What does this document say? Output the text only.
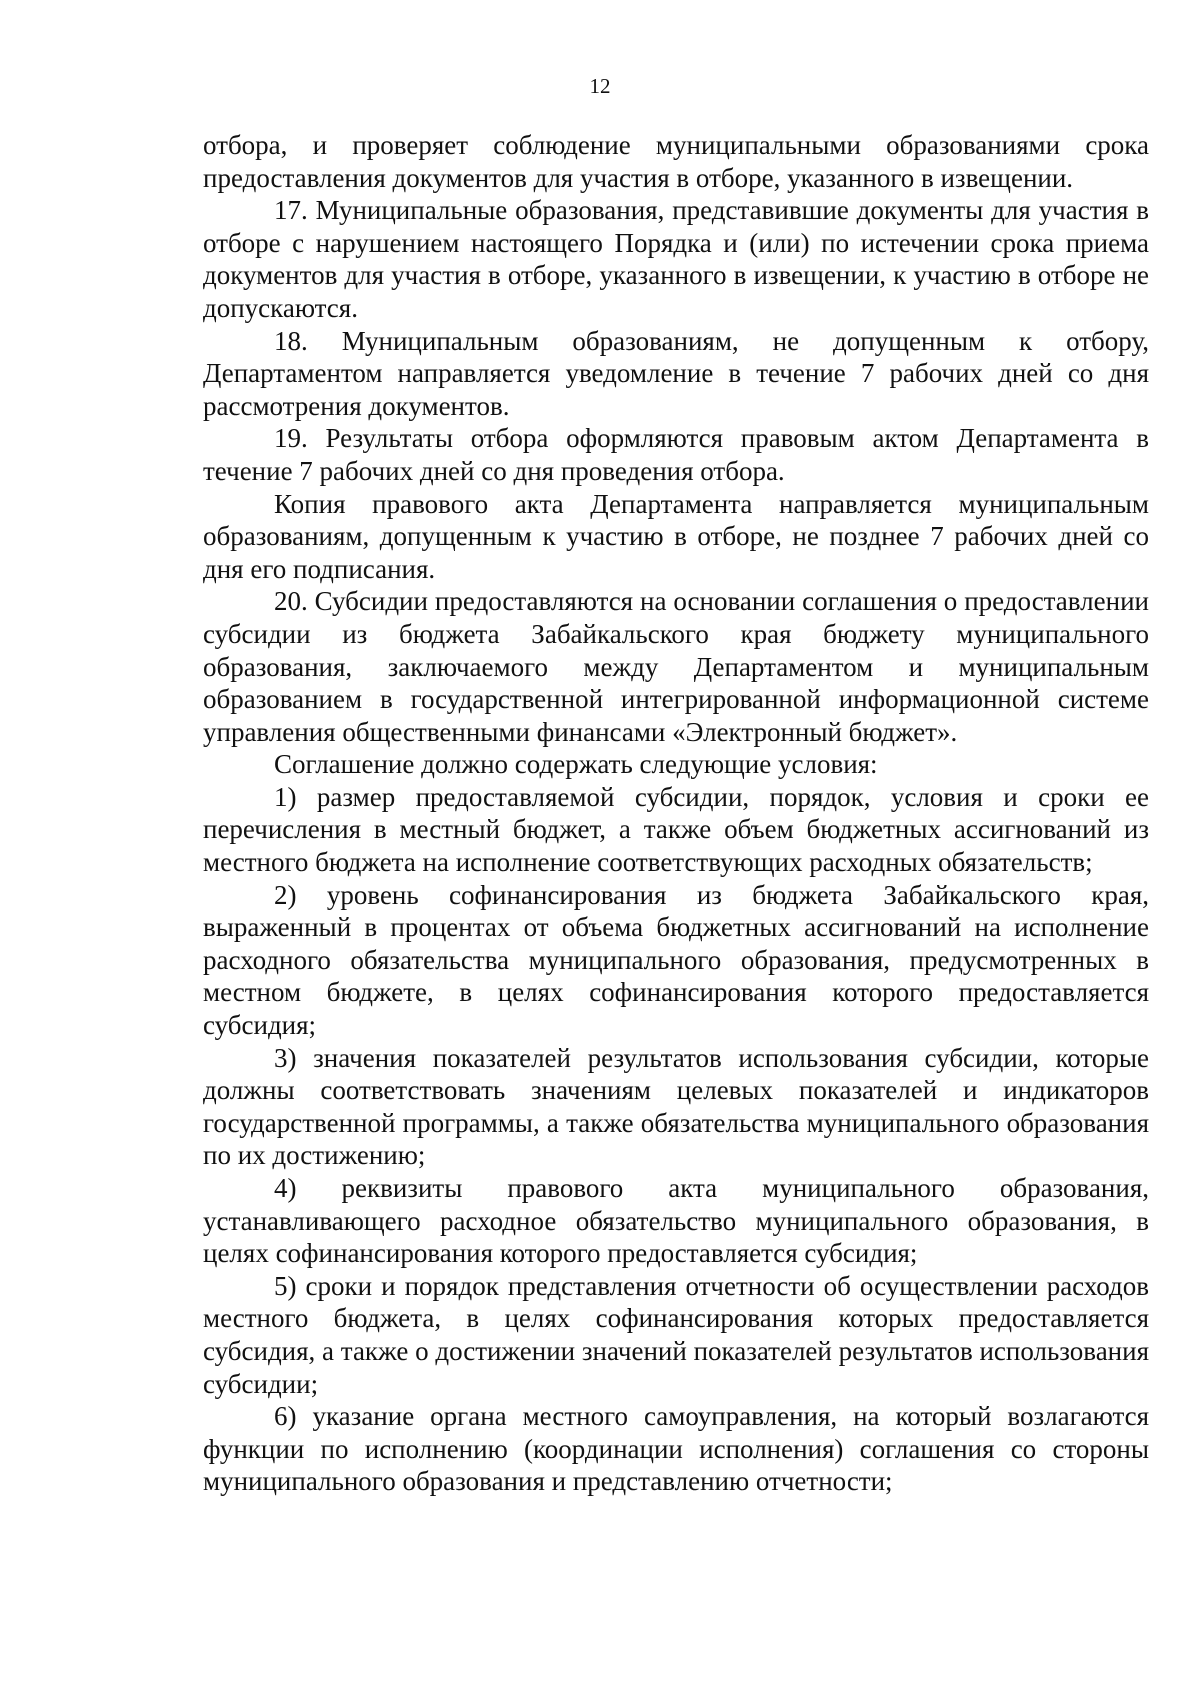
12

отбора, и проверяет соблюдение муниципальными образованиями срока предоставления документов для участия в отборе, указанного в извещении.

17. Муниципальные образования, представившие документы для участия в отборе с нарушением настоящего Порядка и (или) по истечении срока приема документов для участия в отборе, указанного в извещении, к участию в отборе не допускаются.

18. Муниципальным образованиям, не допущенным к отбору, Департаментом направляется уведомление в течение 7 рабочих дней со дня рассмотрения документов.

19. Результаты отбора оформляются правовым актом Департамента в течение 7 рабочих дней со дня проведения отбора.

Копия правового акта Департамента направляется муниципальным образованиям, допущенным к участию в отборе, не позднее 7 рабочих дней со дня его подписания.

20. Субсидии предоставляются на основании соглашения о предоставлении субсидии из бюджета Забайкальского края бюджету муниципального образования, заключаемого между Департаментом и муниципальным образованием в государственной интегрированной информационной системе управления общественными финансами «Электронный бюджет».

Соглашение должно содержать следующие условия:

1) размер предоставляемой субсидии, порядок, условия и сроки ее перечисления в местный бюджет, а также объем бюджетных ассигнований из местного бюджета на исполнение соответствующих расходных обязательств;

2) уровень софинансирования из бюджета Забайкальского края, выраженный в процентах от объема бюджетных ассигнований на исполнение расходного обязательства муниципального образования, предусмотренных в местном бюджете, в целях софинансирования которого предоставляется субсидия;

3) значения показателей результатов использования субсидии, которые должны соответствовать значениям целевых показателей и индикаторов государственной программы, а также обязательства муниципального образования по их достижению;

4) реквизиты правового акта муниципального образования, устанавливающего расходное обязательство муниципального образования, в целях софинансирования которого предоставляется субсидия;

5) сроки и порядок представления отчетности об осуществлении расходов местного бюджета, в целях софинансирования которых предоставляется субсидия, а также о достижении значений показателей результатов использования субсидии;

6) указание органа местного самоуправления, на который возлагаются функции по исполнению (координации исполнения) соглашения со стороны муниципального образования и представлению отчетности;
